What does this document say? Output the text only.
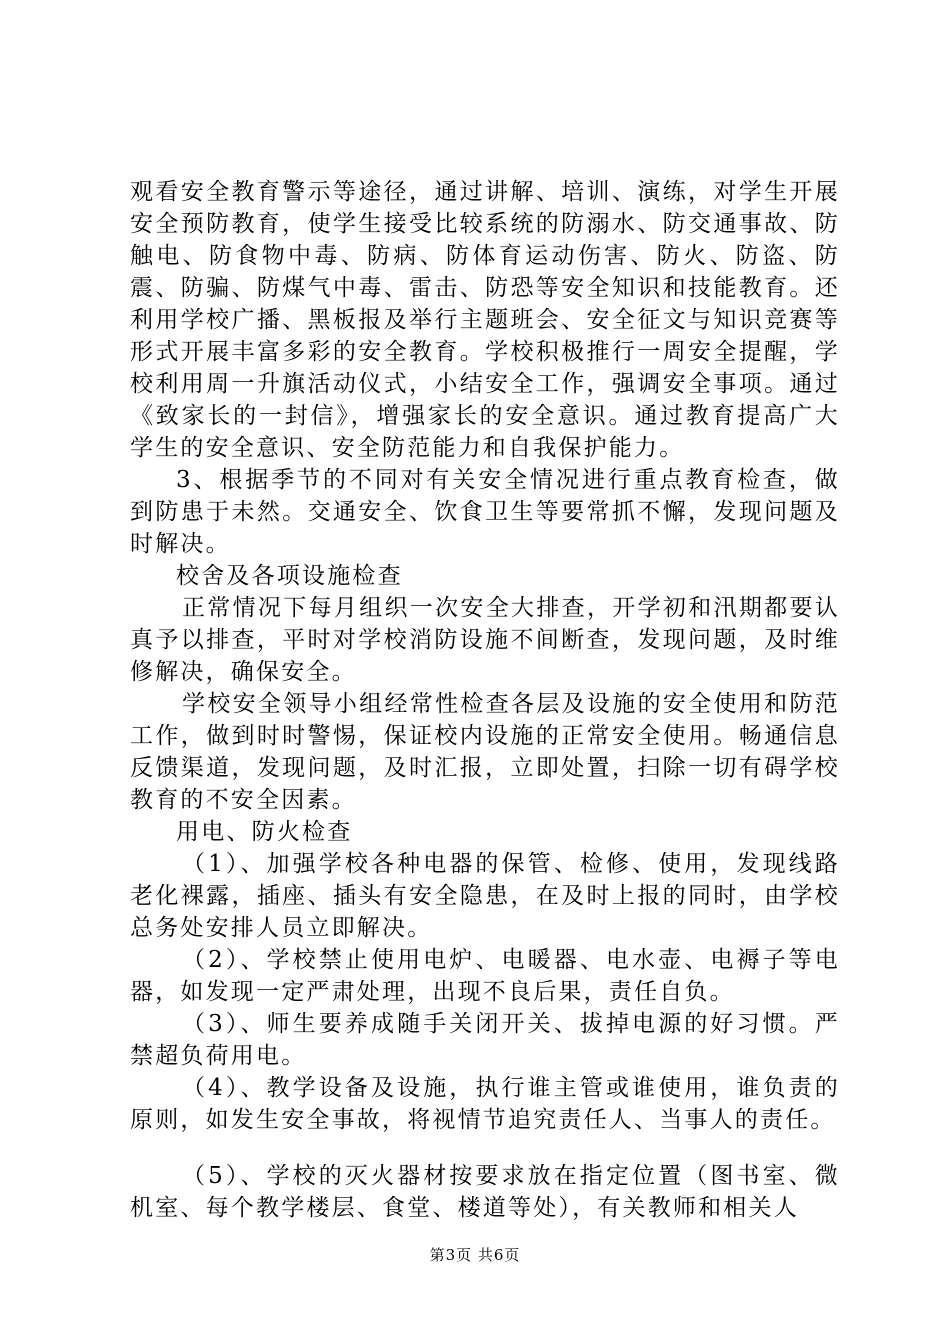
观看安全教育警示等途径，通过讲解、培训、演练，对学生开展安全预防教育，使学生接受比较系统的防溺水、防交通事故、防触电、防食物中毒、防病、防体育运动伤害、防火、防盗、防震、防骗、防煤气中毒、雷击、防恐等安全知识和技能教育。还利用学校广播、黑板报及举行主题班会、安全征文与知识竞赛等形式开展丰富多彩的安全教育。学校积极推行一周安全提醒，学校利用周一升旗活动仪式，小结安全工作，强调安全事项。通过《致家长的一封信》，增强家长的安全意识。通过教育提高广大学生的安全意识、安全防范能力和自我保护能力。

3、根据季节的不同对有关安全情况进行重点教育检查，做到防患于未然。交通安全、饮食卫生等要常抓不懈，发现问题及时解决。

校舍及各项设施检查

正常情况下每月组织一次安全大排查，开学初和汛期都要认真予以排查，平时对学校消防设施不间断查，发现问题，及时维修解决，确保安全。

学校安全领导小组经常性检查各层及设施的安全使用和防范工作，做到时时警惕，保证校内设施的正常安全使用。畅通信息反馈渠道，发现问题，及时汇报，立即处置，扫除一切有碍学校教育的不安全因素。

用电、防火检查

（1）、加强学校各种电器的保管、检修、使用，发现线路老化裸露，插座、插头有安全隐患，在及时上报的同时，由学校总务处安排人员立即解决。

（2）、学校禁止使用电炉、电暖器、电水壶、电褥子等电器，如发现一定严肃处理，出现不良后果，责任自负。

（3）、师生要养成随手关闭开关、拔掉电源的好习惯。严禁超负荷用电。

（4）、教学设备及设施，执行谁主管或谁使用，谁负责的原则，如发生安全事故，将视情节追究责任人、当事人的责任。

（5）、学校的灭火器材按要求放在指定位置（图书室、微机室、每个教学楼层、食堂、楼道等处），有关教师和相关人

第3页 共6页
